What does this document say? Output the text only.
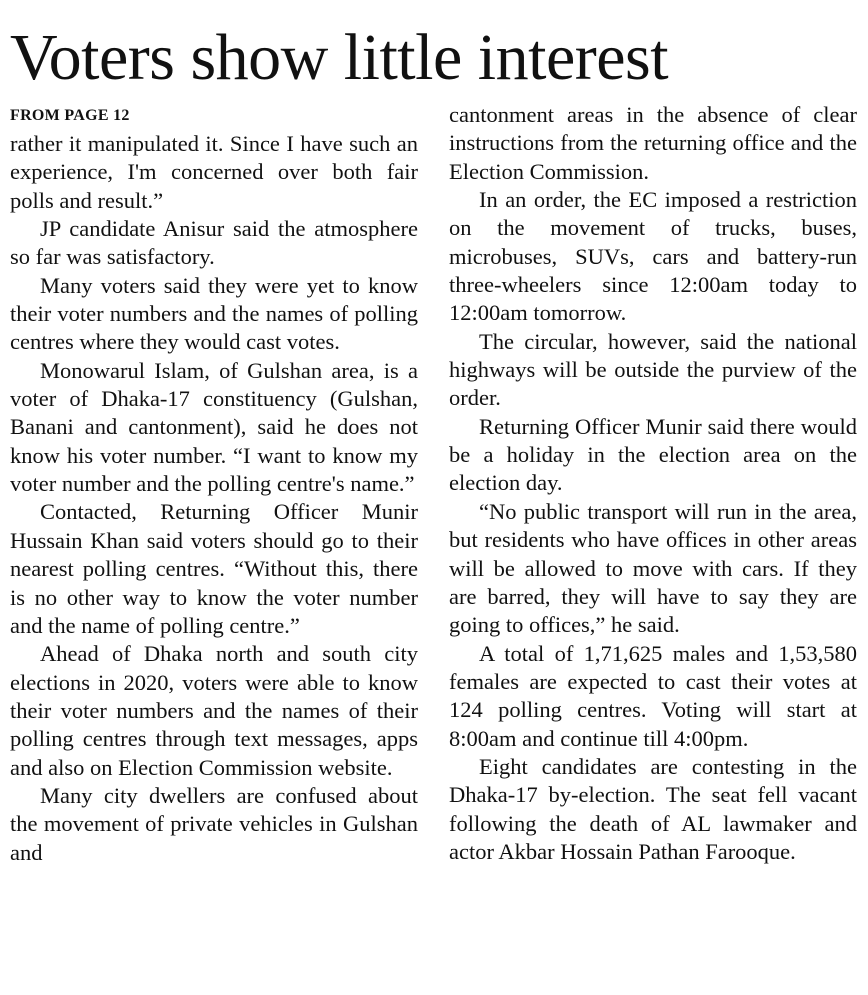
Voters show little interest
FROM PAGE 12

rather it manipulated it. Since I have such an experience, I'm concerned over both fair polls and result.”

JP candidate Anisur said the atmosphere so far was satisfactory.

Many voters said they were yet to know their voter numbers and the names of polling centres where they would cast votes.

Monowarul Islam, of Gulshan area, is a voter of Dhaka-17 constituency (Gulshan, Banani and cantonment), said he does not know his voter number. “I want to know my voter number and the polling centre's name.”

Contacted, Returning Officer Munir Hussain Khan said voters should go to their nearest polling centres. “Without this, there is no other way to know the voter number and the name of polling centre.”

Ahead of Dhaka north and south city elections in 2020, voters were able to know their voter numbers and the names of their polling centres through text messages, apps and also on Election Commission website.

Many city dwellers are confused about the movement of private vehicles in Gulshan and

cantonment areas in the absence of clear instructions from the returning office and the Election Commission.

In an order, the EC imposed a restriction on the movement of trucks, buses, microbuses, SUVs, cars and battery-run three-wheelers since 12:00am today to 12:00am tomorrow.

The circular, however, said the national highways will be outside the purview of the order.

Returning Officer Munir said there would be a holiday in the election area on the election day.

“No public transport will run in the area, but residents who have offices in other areas will be allowed to move with cars. If they are barred, they will have to say they are going to offices,” he said.

A total of 1,71,625 males and 1,53,580 females are expected to cast their votes at 124 polling centres. Voting will start at 8:00am and continue till 4:00pm.

Eight candidates are contesting in the Dhaka-17 by-election. The seat fell vacant following the death of AL lawmaker and actor Akbar Hossain Pathan Farooque.
